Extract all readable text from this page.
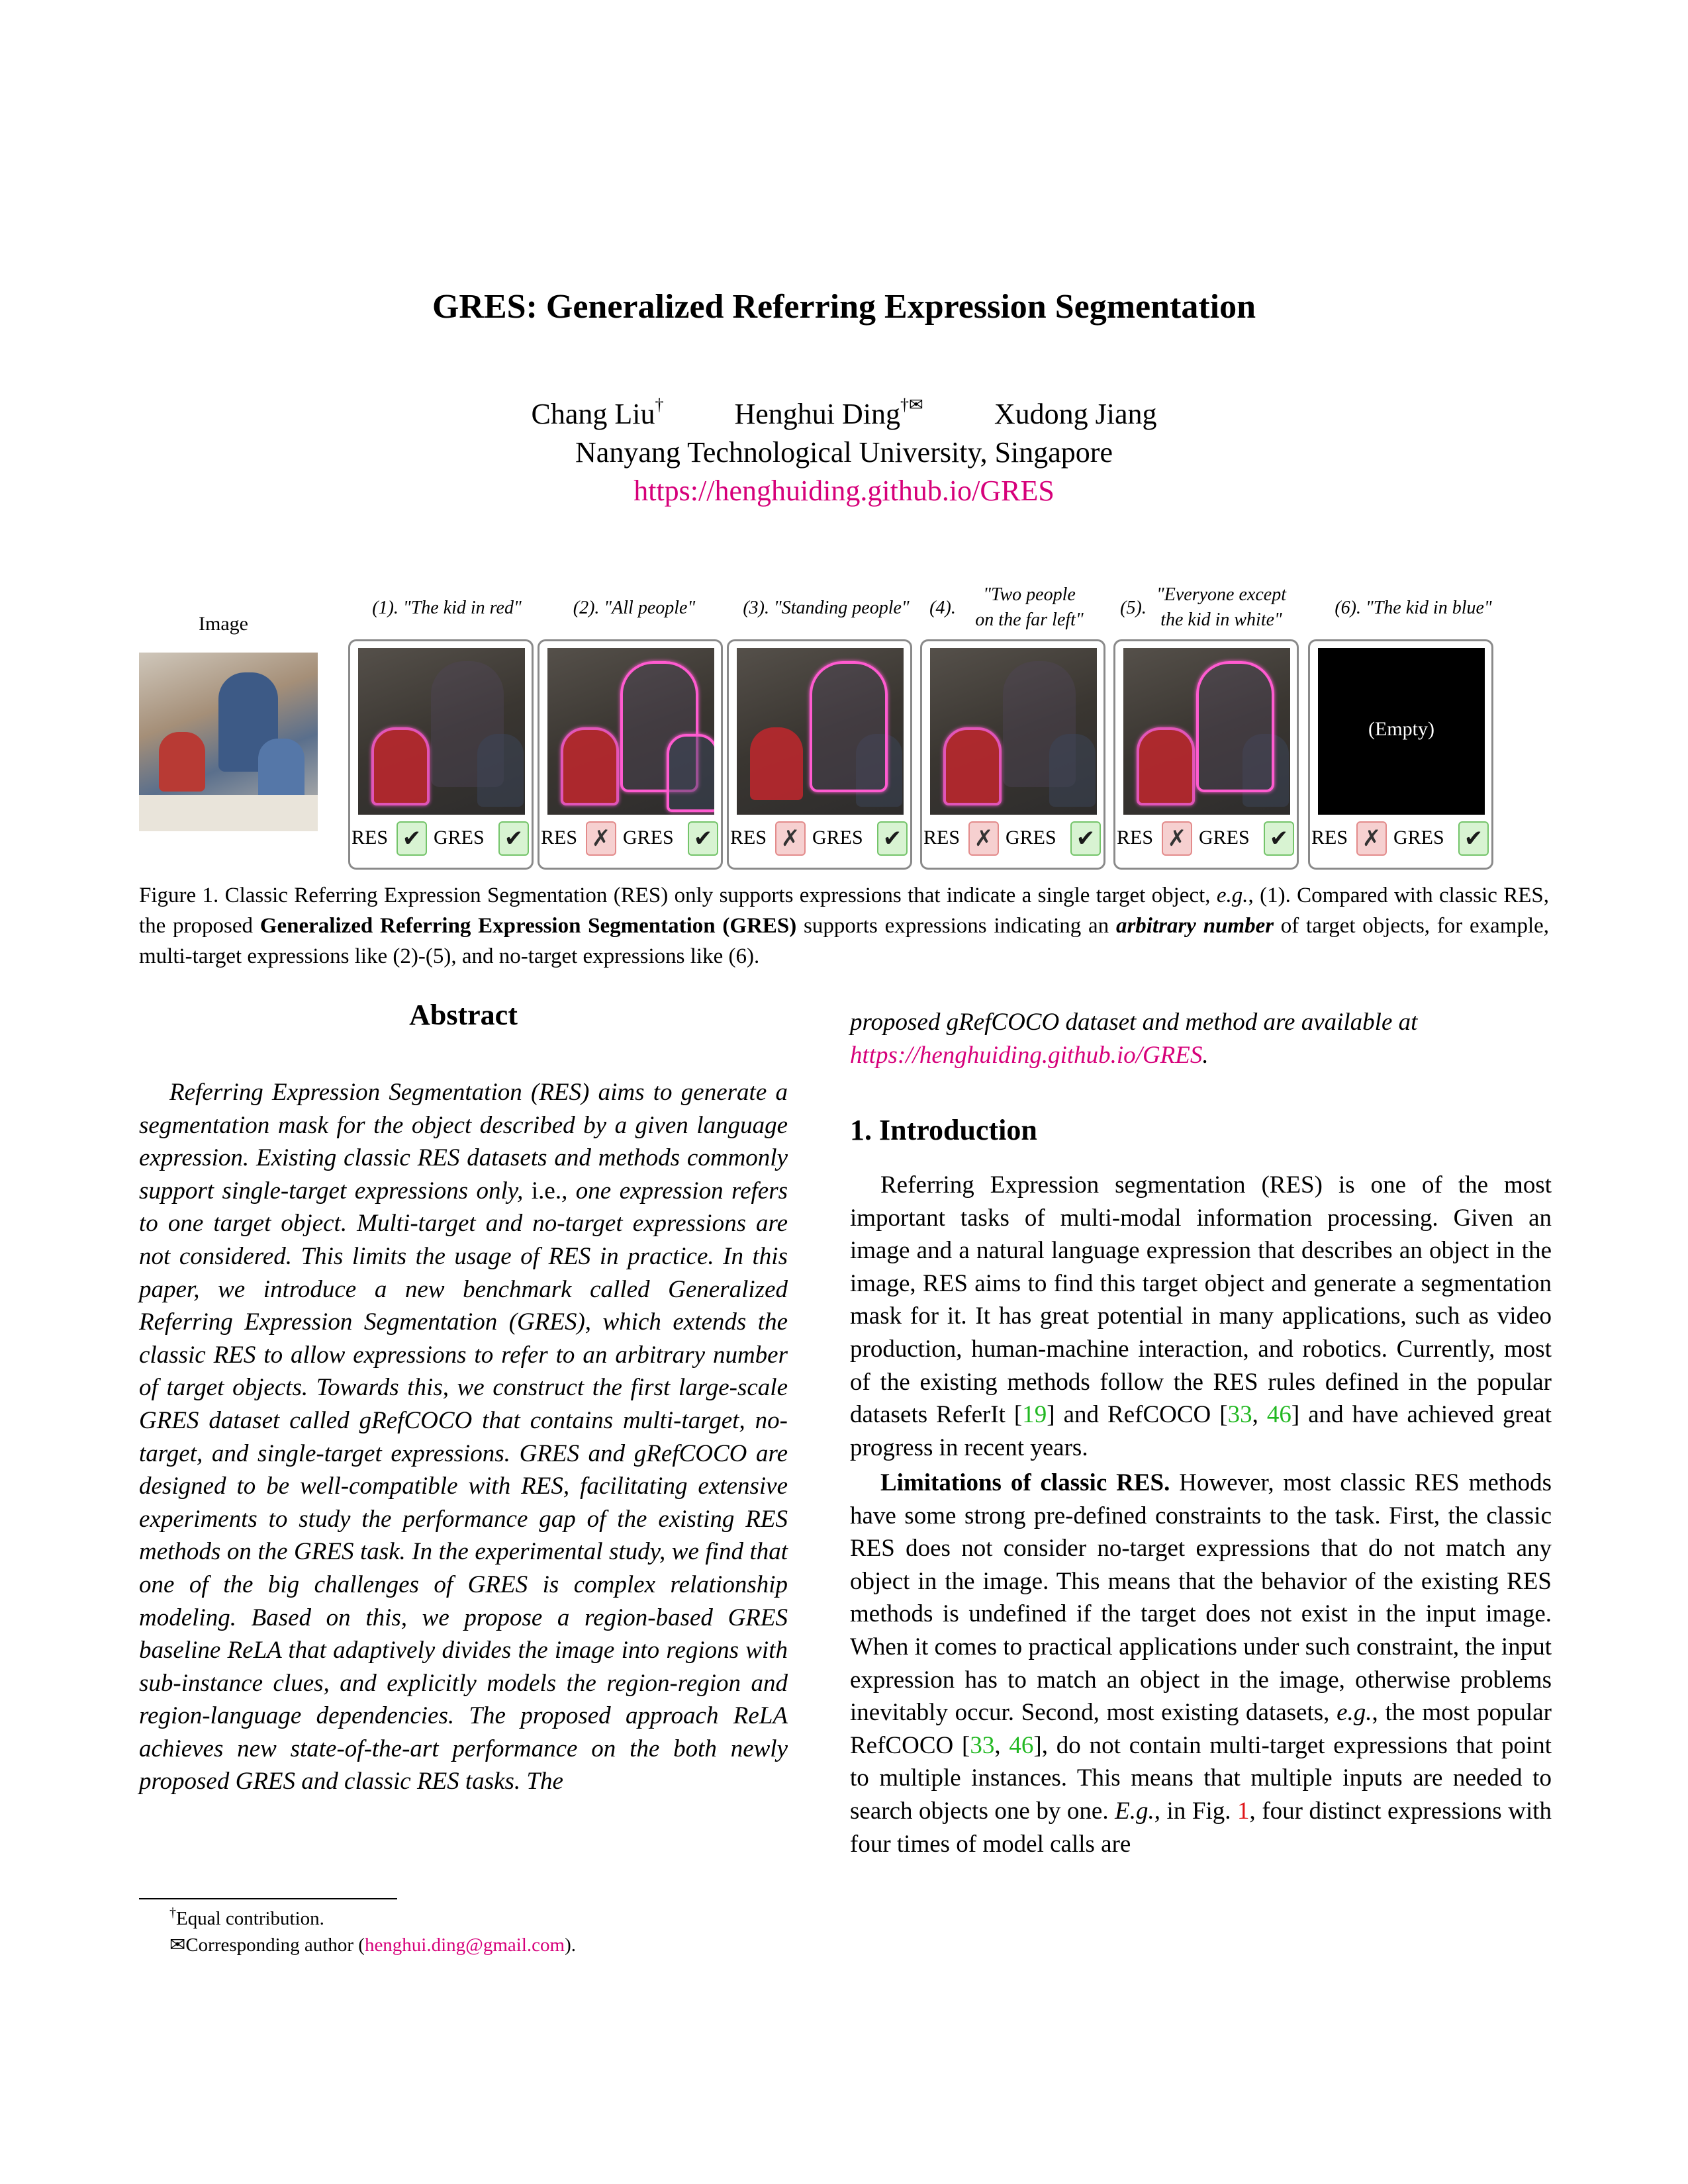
GRES: Generalized Referring Expression Segmentation
Chang Liu† Henghui Ding†✉ Xudong Jiang
Nanyang Technological University, Singapore
https://henghuiding.github.io/GRES
Image
(1). "The kid in red"	(2). "All people"	(3). "Standing people"	(4).
"Two people
on the far left"
(5).
"Everyone except
the kid in white"
(6). "The kid in blue"
RES ✔ GRES ✔ RES ✗ GRES ✔ RES ✗ GRES ✔ RES ✗ GRES ✔ RES ✗ GRES ✔
(Empty)
RES ✗ GRES ✔
Figure 1. Classic Referring Expression Segmentation (RES) only supports expressions that indicate a single target object, e.g., (1). Compared with classic RES, the proposed Generalized Referring Expression Segmentation (GRES) supports expressions indicating an arbitrary number of target objects, for example, multi-target expressions like (2)-(5), and no-target expressions like (6).
Abstract
Referring Expression Segmentation (RES) aims to generate a segmentation mask for the object described by a given language expression. Existing classic RES datasets and methods commonly support single-target expressions only, i.e., one expression refers to one target object. Multi-target and no-target expressions are not considered. This limits the usage of RES in practice. In this paper, we introduce a new benchmark called Generalized Referring Expression Segmentation (GRES), which extends the classic RES to allow expressions to refer to an arbitrary number of target objects. Towards this, we construct the first large-scale GRES dataset called gRefCOCO that contains multi-target, no-target, and single-target expressions. GRES and gRefCOCO are designed to be well-compatible with RES, facilitating extensive experiments to study the performance gap of the existing RES methods on the GRES task. In the experimental study, we find that one of the big challenges of GRES is complex relationship modeling. Based on this, we propose a region-based GRES baseline ReLA that adaptively divides the image into regions with sub-instance clues, and explicitly models the region-region and region-language dependencies. The proposed approach ReLA achieves new state-of-the-art performance on the both newly proposed GRES and classic RES tasks. The
†Equal contribution.
✉Corresponding author (henghui.ding@gmail.com).
proposed gRefCOCO dataset and method are available at
https://henghuiding.github.io/GRES.
1. Introduction
Referring Expression segmentation (RES) is one of the most important tasks of multi-modal information processing. Given an image and a natural language expression that describes an object in the image, RES aims to find this target object and generate a segmentation mask for it. It has great potential in many applications, such as video production, human-machine interaction, and robotics. Currently, most of the existing methods follow the RES rules defined in the popular datasets ReferIt [19] and RefCOCO [33, 46] and have achieved great progress in recent years.
Limitations of classic RES. However, most classic RES methods have some strong pre-defined constraints to the task. First, the classic RES does not consider no-target expressions that do not match any object in the image. This means that the behavior of the existing RES methods is undefined if the target does not exist in the input image. When it comes to practical applications under such constraint, the input expression has to match an object in the image, otherwise problems inevitably occur. Second, most existing datasets, e.g., the most popular RefCOCO [33, 46], do not contain multi-target expressions that point to multiple instances. This means that multiple inputs are needed to search objects one by one. E.g., in Fig. 1, four distinct expressions with four times of model calls are
